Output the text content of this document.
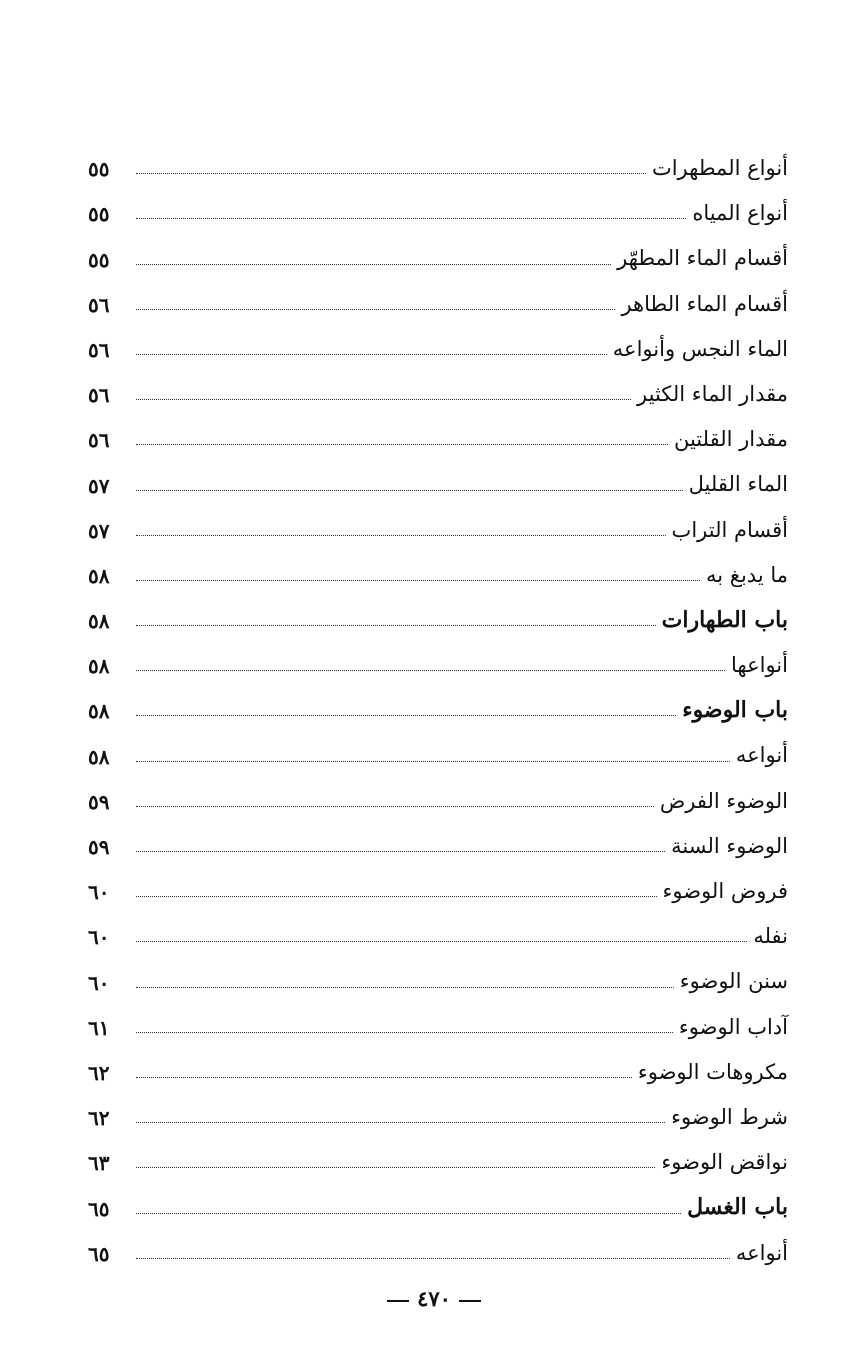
أنواع المطهرات
٥٥
أنواع المياه
٥٥
أقسام الماء المطهّر
٥٥
أقسام الماء الطاهر
٥٦
الماء النجس وأنواعه
٥٦
مقدار الماء الكثير
٥٦
مقدار القلتين
٥٦
الماء القليل
٥٧
أقسام التراب
٥٧
ما يدبغ به
٥٨
باب الطهارات
٥٨
أنواعها
٥٨
باب الوضوء
٥٨
أنواعه
٥٨
الوضوء الفرض
٥٩
الوضوء السنة
٥٩
فروض الوضوء
٦٠
نفله
٦٠
سنن الوضوء
٦٠
آداب الوضوء
٦١
مكروهات الوضوء
٦٢
شرط الوضوء
٦٢
نواقض الوضوء
٦٣
باب الغسل
٦٥
أنواعه
٦٥
٤٧٠
